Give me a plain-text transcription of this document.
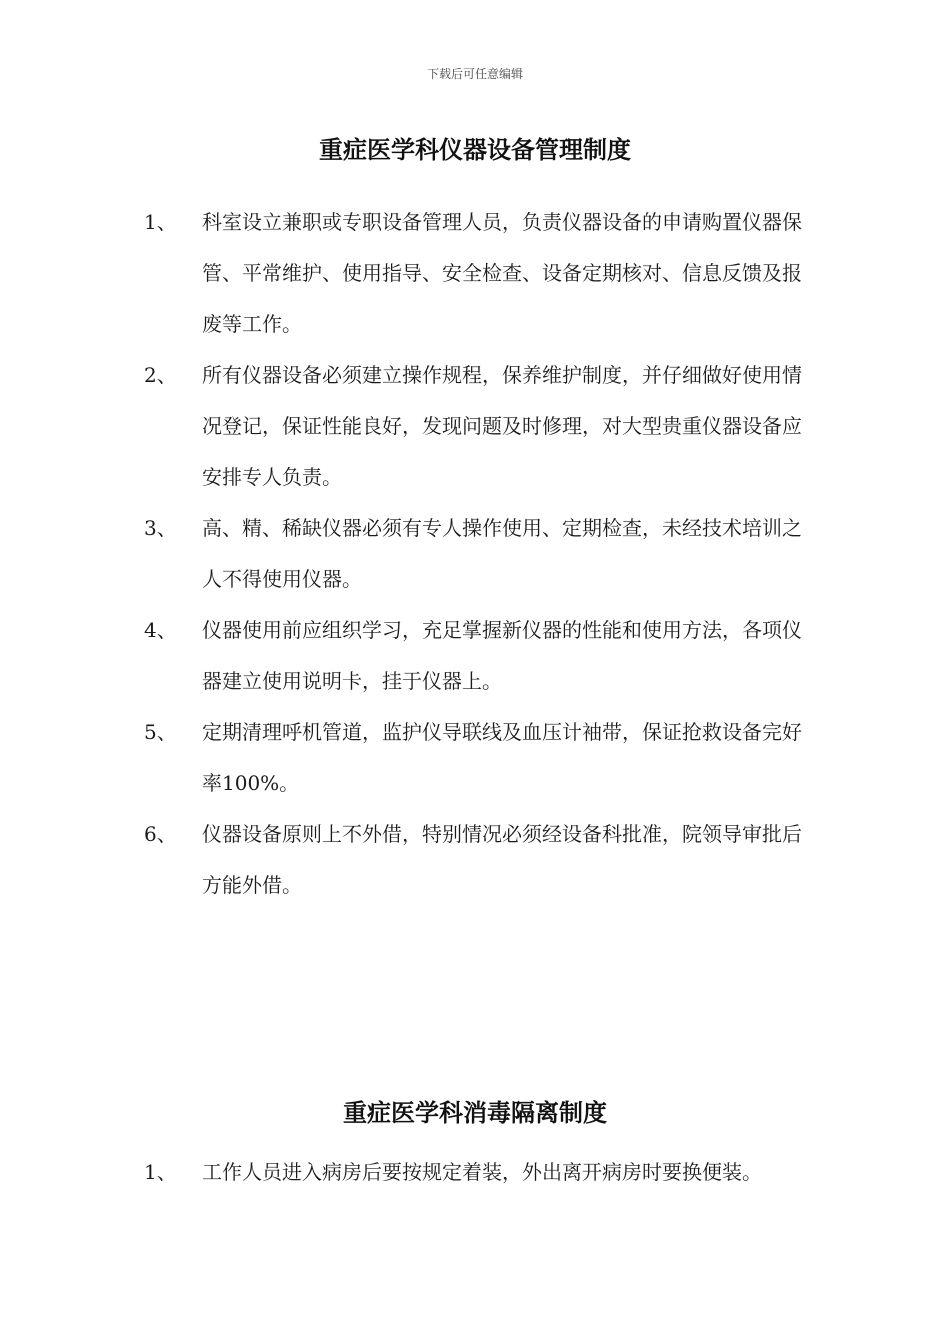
下载后可任意编辑
重症医学科仪器设备管理制度
1、	科室设立兼职或专职设备管理人员，负责仪器设备的申请购置仪器保管、平常维护、使用指导、安全检查、设备定期核对、信息反馈及报废等工作。
2、	所有仪器设备必须建立操作规程，保养维护制度，并仔细做好使用情况登记，保证性能良好，发现问题及时修理，对大型贵重仪器设备应安排专人负责。
3、	高、精、稀缺仪器必须有专人操作使用、定期检查，未经技术培训之人不得使用仪器。
4、	仪器使用前应组织学习，充足掌握新仪器的性能和使用方法，各项仪器建立使用说明卡，挂于仪器上。
5、	定期清理呼机管道，监护仪导联线及血压计袖带，保证抢救设备完好率100%。
6、	仪器设备原则上不外借，特别情况必须经设备科批准，院领导审批后方能外借。
重症医学科消毒隔离制度
1、	工作人员进入病房后要按规定着装，外出离开病房时要换便装。
